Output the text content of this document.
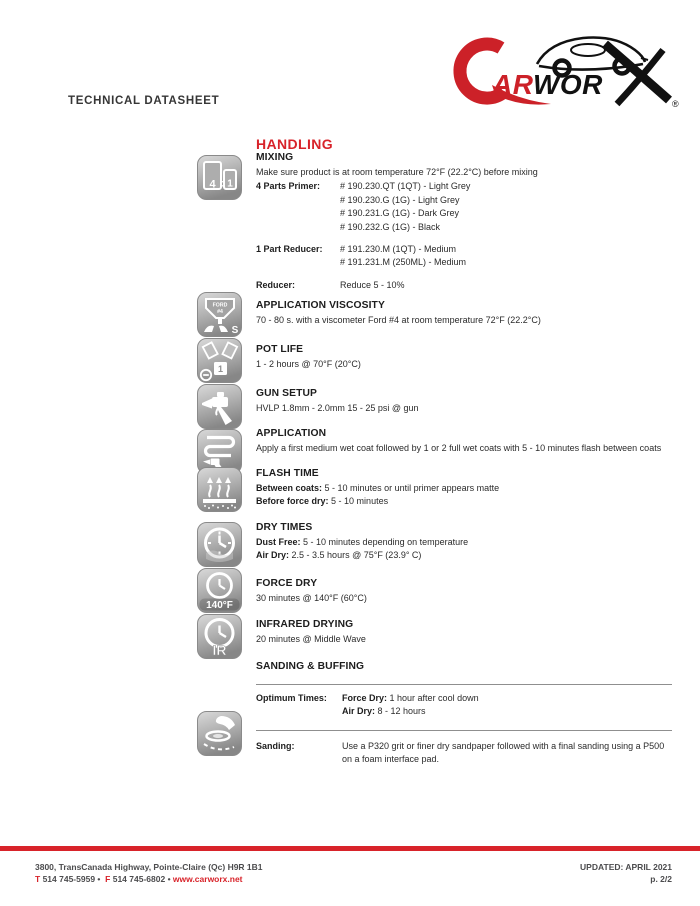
TECHNICAL DATASHEET
ARWOR
®
HANDLING
MIXING
Make sure product is at room temperature 72°F (22.2°C) before mixing
4 Parts Primer:	# 190.230.QT (1QT) - Light Grey
# 190.230.G (1G) - Light Grey
# 190.231.G (1G) - Dark Grey
# 190.232.G (1G) - Black
1 Part Reducer:	# 191.230.M (1QT) - Medium
# 191.231.M (250ML) - Medium
Reducer:	Reduce 5 - 10%
APPLICATION VISCOSITY
70 - 80 s. with a viscometer Ford #4 at room temperature 72°F (22.2°C)
POT LIFE
1 - 2 hours @ 70°F (20°C)
GUN SETUP
HVLP 1.8mm - 2.0mm 15 - 25 psi @ gun
APPLICATION
Apply a first medium wet coat followed by 1 or 2 full wet coats with 5 - 10 minutes flash between coats
FLASH TIME
Between coats: 5 - 10 minutes or until primer appears matte
Before force dry: 5 - 10 minutes
DRY TIMES
Dust Free: 5 - 10 minutes depending on temperature
Air Dry: 2.5 - 3.5 hours @ 75°F (23.9° C)
FORCE DRY
30 minutes @ 140°F (60°C)
INFRARED DRYING
20 minutes @ Middle Wave
SANDING & BUFFING
Optimum Times:	Force Dry: 1 hour after cool down
Air Dry: 8 - 12 hours
Sanding:	Use a P320 grit or finer dry sandpaper followed with a final sanding using a P500 on a foam interface pad.
4 : 1
FORD
#4
S
1
140°F
IR
3800, TransCanada Highway, Pointe-Claire (Qc) H9R 1B1
T 514 745-5959 • F 514 745-6802 • www.carworx.net
UPDATED: APRIL 2021
p. 2/2
